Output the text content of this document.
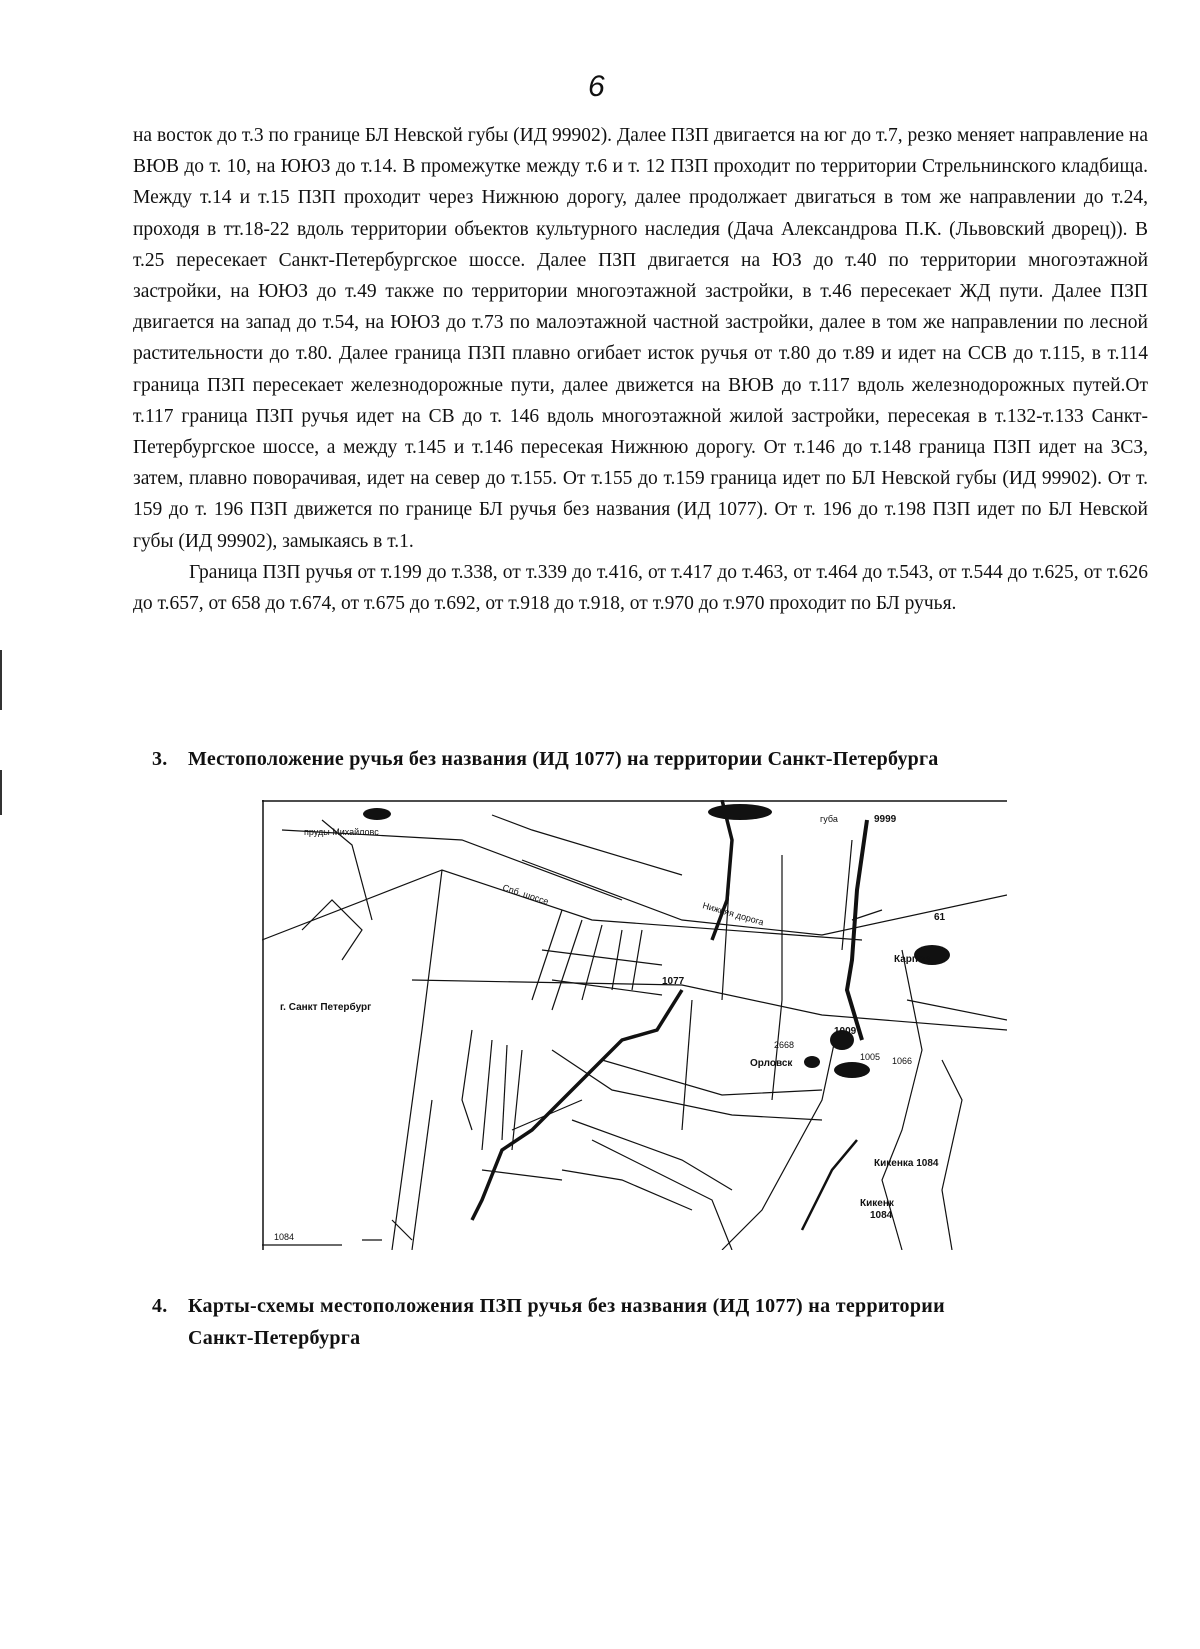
6

на восток до т.3 по границе БЛ Невской губы (ИД 99902). Далее ПЗП двигается на юг до т.7, резко меняет направление на ВЮВ до т. 10, на ЮЮЗ до т.14. В промежутке между т.6 и т. 12 ПЗП проходит по территории Стрельнинского кладбища. Между т.14 и т.15 ПЗП проходит через Нижнюю дорогу, далее продолжает двигаться в том же направлении до т.24, проходя в тт.18-22 вдоль территории объектов культурного наследия (Дача Александрова П.К. (Львовский дворец)). В т.25 пересекает Санкт-Петербургское шоссе. Далее ПЗП двигается на ЮЗ до т.40 по территории многоэтажной застройки, на ЮЮЗ до т.49 также по территории многоэтажной застройки, в т.46 пересекает ЖД пути. Далее ПЗП двигается на запад до т.54, на ЮЮЗ до т.73 по малоэтажной частной застройки, далее в том же направлении по лесной растительности до т.80. Далее граница ПЗП плавно огибает исток ручья от т.80 до т.89 и идет на ССВ до т.115, в т.114 граница ПЗП пересекает железнодорожные пути, далее движется на ВЮВ до т.117 вдоль железнодорожных путей.От т.117 граница ПЗП ручья идет на СВ до т. 146 вдоль многоэтажной жилой застройки, пересекая в т.132-т.133 Санкт-Петербургское шоссе, а между т.145 и т.146 пересекая Нижнюю дорогу. От т.146 до т.148 граница ПЗП идет на ЗСЗ, затем, плавно поворачивая, идет на север до т.155. От т.155 до т.159 граница идет по БЛ Невской губы (ИД 99902). От т. 159 до т. 196 ПЗП движется по границе БЛ ручья без названия (ИД 1077). От т. 196 до т.198 ПЗП идет по БЛ Невской губы (ИД 99902), замыкаясь в т.1.

Граница ПЗП ручья от т.199 до т.338, от т.339 до т.416, от т.417 до т.463, от т.464 до т.543, от т.544 до т.625, от т.626 до т.657, от 658 до т.674, от т.675 до т.692, от т.918 до т.918, от т.970 до т.970 проходит по БЛ ручья.

3. Местоположение ручья без названия (ИД 1077) на территории Санкт-Петербурга
г. Санкт Петербург
пруды Михайловс
губа	9999
1077
Карпов
Орловск
Кикенка 1084
Кикенк
1084
Нижняя дорога
Спб. шоссе
2668
1066
1009
1005
61
1084
4. Карты-схемы местоположения ПЗП ручья без названия (ИД 1077) на территории
Санкт-Петербурга
